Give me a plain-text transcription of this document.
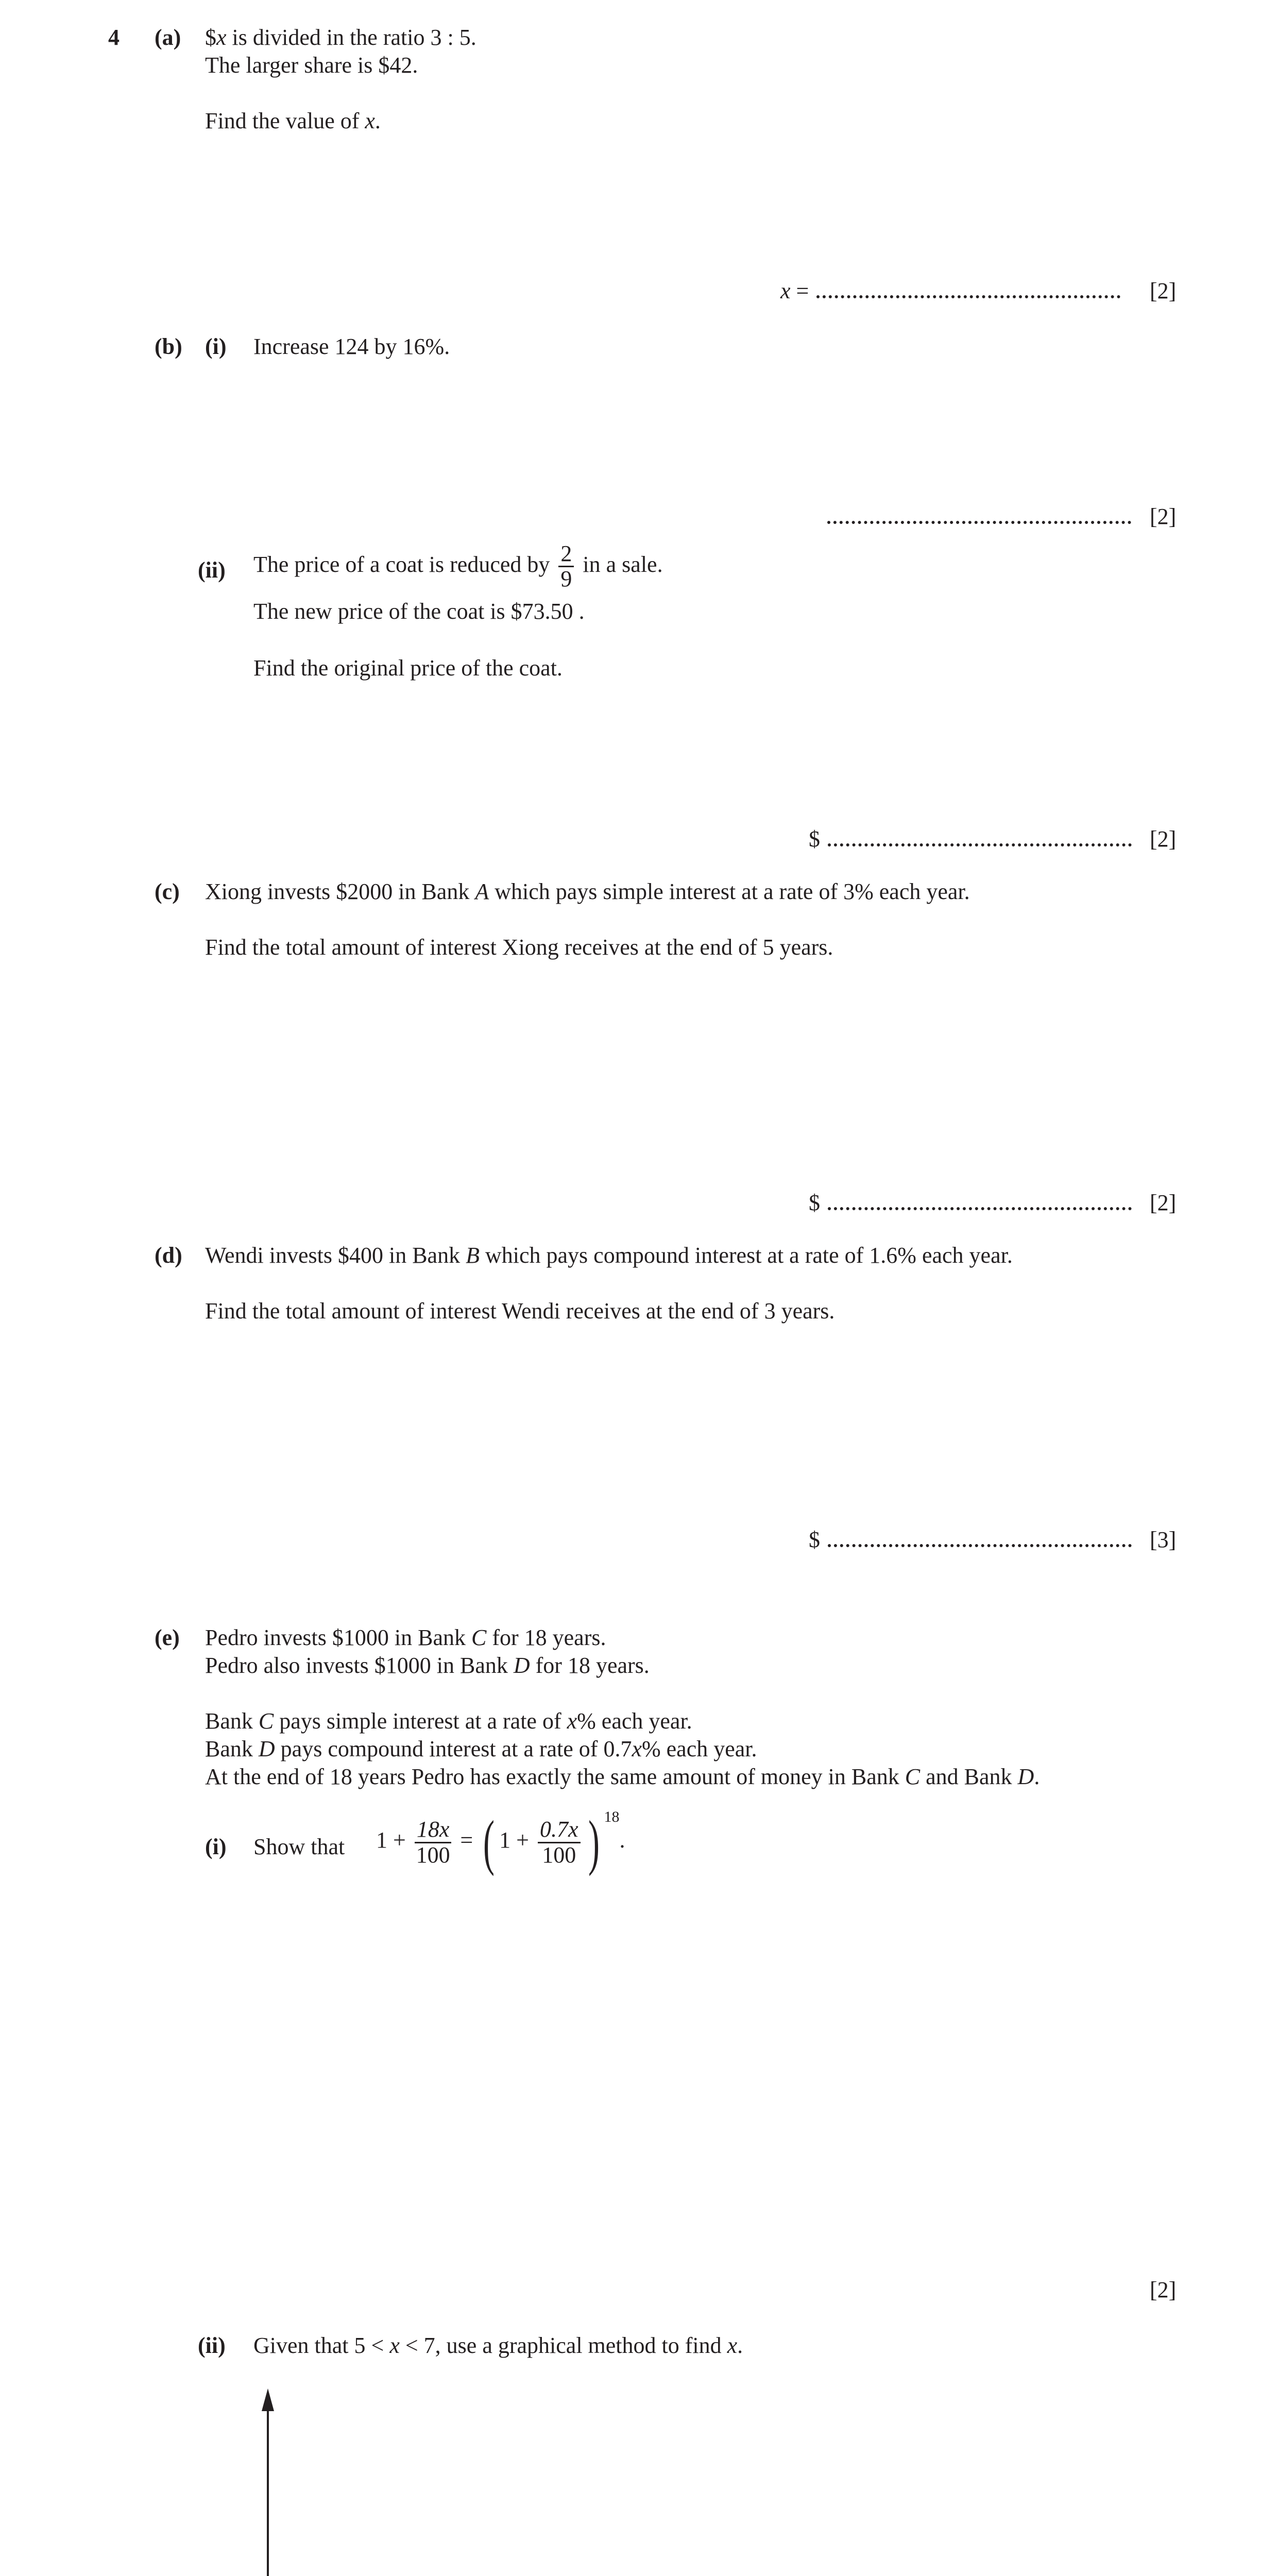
4 (a) $x is divided in the ratio 3 : 5.
The larger share is $42.
Find the value of x.
x =	[2]
(b) (i) Increase 124 by 16%.
[2]
(ii) The price of a coat is reduced by $\frac{2}{9}$ in a sale.
The new price of the coat is $73.50 .
Find the original price of the coat.
$	[2]
(c) Xiong invests $2000 in Bank A which pays simple interest at a rate of 3% each year.
Find the total amount of interest Xiong receives at the end of 5 years.
$	[2]
(d) Wendi invests $400 in Bank B which pays compound interest at a rate of 1.6% each year.
Find the total amount of interest Wendi receives at the end of 3 years.
$	[3]
(e) Pedro invests $1000 in Bank C for 18 years.
Pedro also invests $1000 in Bank D for 18 years.
Bank C pays simple interest at a rate of x% each year.
Bank D pays compound interest at a rate of 0.7x% each year.
At the end of 18 years Pedro has exactly the same amount of money in Bank C and Bank D.
(i) Show that $1 + \frac{18x}{100}$ = ( $1 + \frac{0.7x}{100}$ ) $^{18}$.
[2]
(ii) Given that 5 < x < 7, use a graphical method to find x.
